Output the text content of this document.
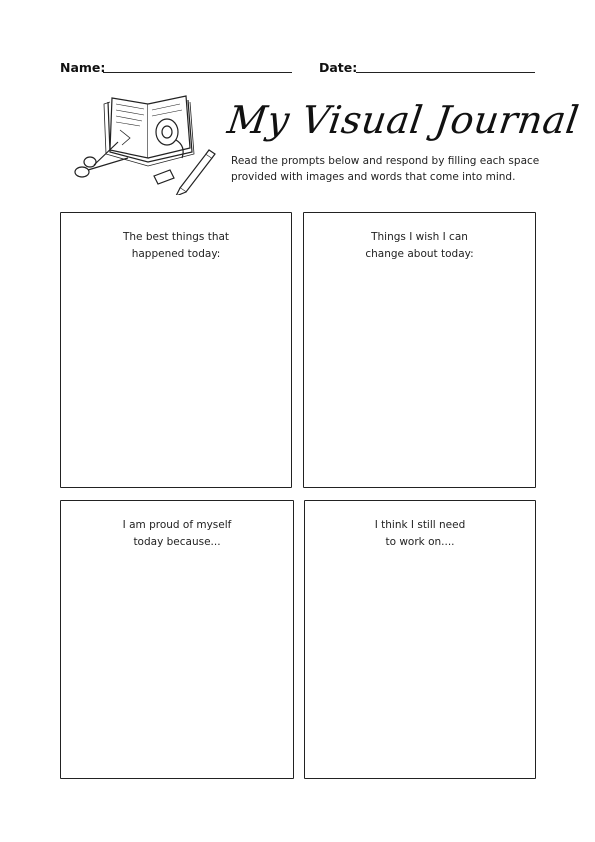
Name:	Date:
My Visual Journal
Read the prompts below and respond by filling each space provided with images and words that come into mind.
The best things that
happened today:
Things I wish I can
change about today:
I am proud of myself
today because...
I think I still need
to work on....
